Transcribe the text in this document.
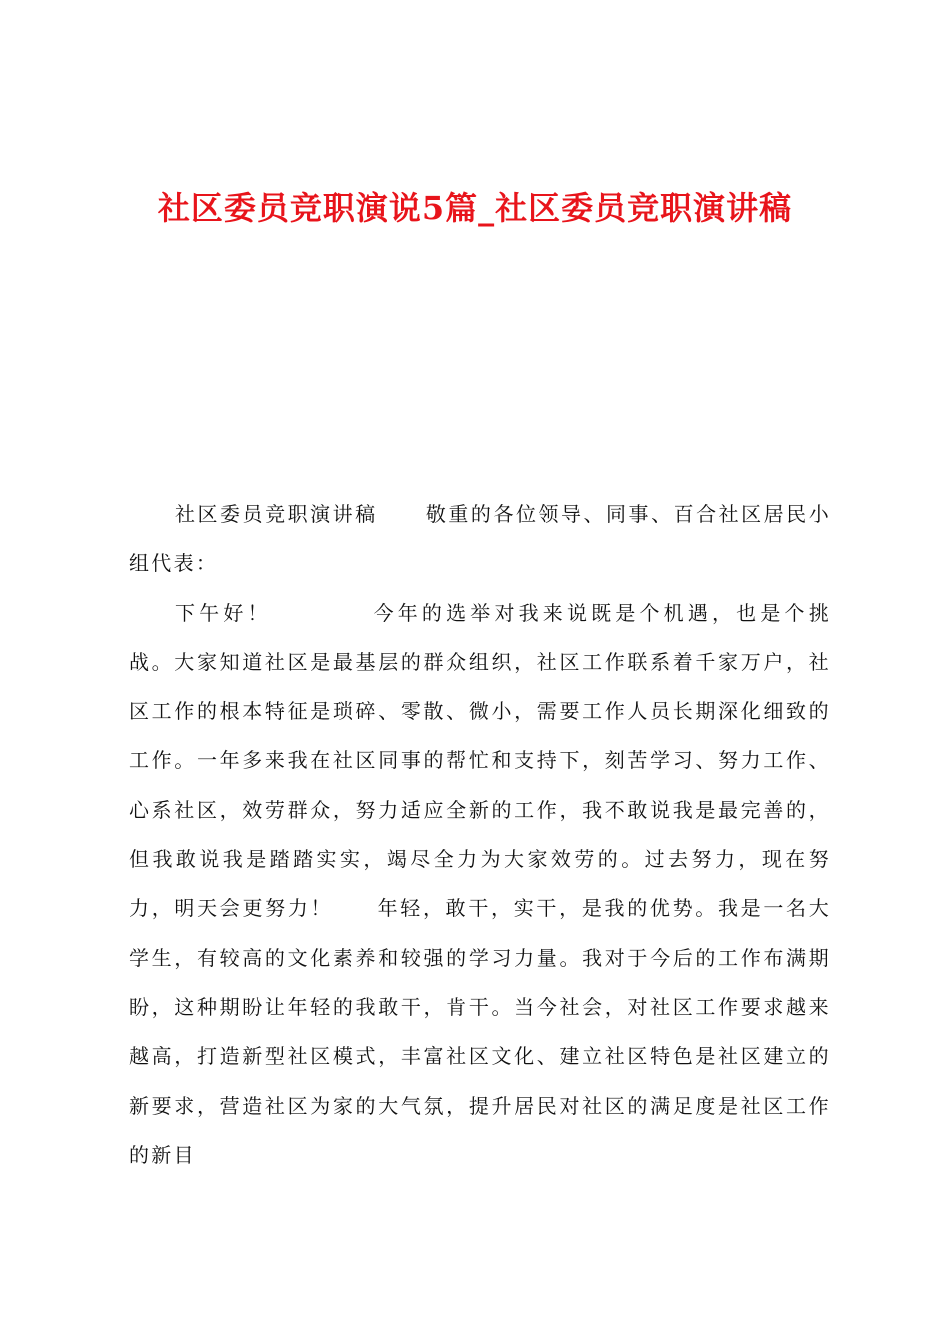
社区委员竞职演说5篇_社区委员竞职演讲稿

社区委员竞职演讲稿 敬重的各位领导、同事、百合社区居民小组代表：

下午好！	今年的选举对我来说既是个机遇，也是个挑战。大家知道社区是最基层的群众组织，社区工作联系着千家万户，社区工作的根本特征是琐碎、零散、微小，需要工作人员长期深化细致的工作。一年多来我在社区同事的帮忙和支持下，刻苦学习、努力工作、心系社区，效劳群众，努力适应全新的工作，我不敢说我是最完善的，但我敢说我是踏踏实实，竭尽全力为大家效劳的。过去努力，现在努力，明天会更努力！ 年轻，敢干，实干，是我的优势。我是一名大学生，有较高的文化素养和较强的学习力量。我对于今后的工作布满期盼，这种期盼让年轻的我敢干，肯干。当今社会，对社区工作要求越来越高，打造新型社区模式，丰富社区文化、建立社区特色是社区建立的新要求，营造社区为家的大气氛，提升居民对社区的满足度是社区工作的新目
